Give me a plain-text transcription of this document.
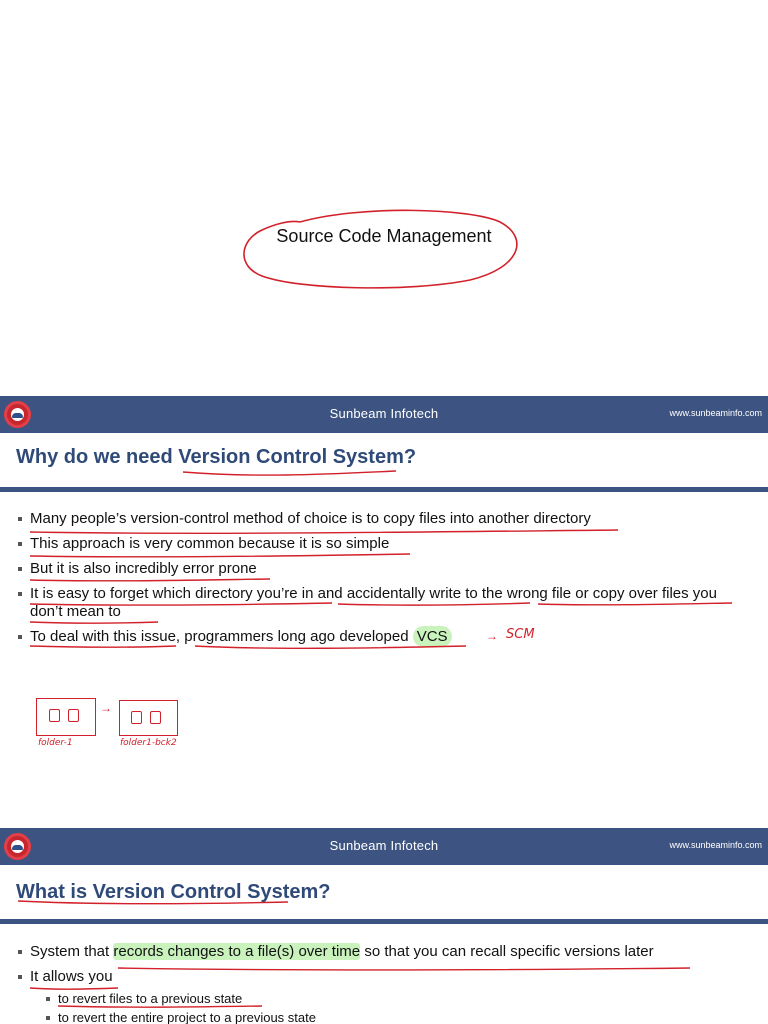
Source Code Management
Sunbeam Infotech	www.sunbeaminfo.com
Why do we need Version Control System?
Many people’s version-control method of choice is to copy files into another directory
This approach is very common because it is so simple
But it is also incredibly error prone
It is easy to forget which directory you’re in and accidentally write to the wrong file or copy over files you don’t mean to
To deal with this issue, programmers long ago developed VCS	→ SCM
→
folder-1	folder1-bck2
Sunbeam Infotech	www.sunbeaminfo.com
What is Version Control System?
System that records changes to a file(s) over time so that you can recall specific versions later
It allows you
to revert files to a previous state
to revert the entire project to a previous state
